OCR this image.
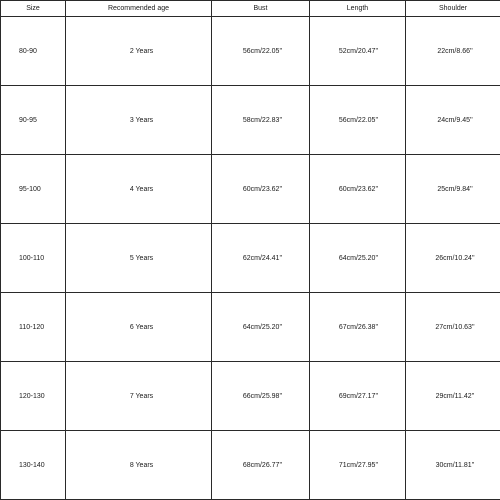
Size	Recommended age	Bust	Length	Shoulder
80-90	2 Years	56cm/22.05''	52cm/20.47''	22cm/8.66''
90-95	3 Years	58cm/22.83''	56cm/22.05''	24cm/9.45''
95-100	4 Years	60cm/23.62''	60cm/23.62''	25cm/9.84''
100-110	5 Years	62cm/24.41''	64cm/25.20''	26cm/10.24''
110-120	6 Years	64cm/25.20''	67cm/26.38''	27cm/10.63''
120-130	7 Years	66cm/25.98''	69cm/27.17''	29cm/11.42''
130-140	8 Years	68cm/26.77''	71cm/27.95''	30cm/11.81''
